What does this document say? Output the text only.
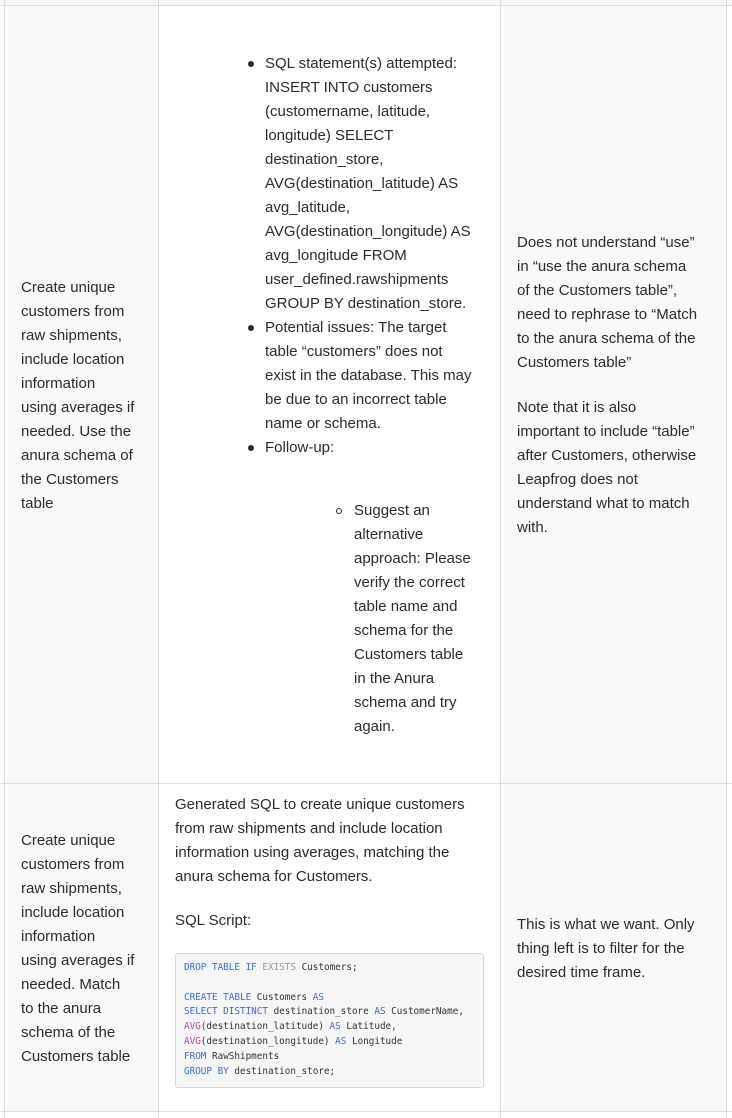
Create unique
customers from
raw shipments,
include location
information
using averages if
needed. Use the
anura schema of
the Customers
table
SQL statement(s) attempted:
INSERT INTO customers
(customername, latitude,
longitude) SELECT
destination_store,
AVG(destination_latitude) AS
avg_latitude,
AVG(destination_longitude) AS
avg_longitude FROM
user_defined.rawshipments
GROUP BY destination_store.
Potential issues: The target
table “customers” does not
exist in the database. This may
be due to an incorrect table
name or schema.
Follow-up:
Suggest an
alternative
approach: Please
verify the correct
table name and
schema for the
Customers table
in the Anura
schema and try
again.
Does not understand “use”
in “use the anura schema
of the Customers table”,
need to rephrase to “Match
to the anura schema of the
Customers table”
Note that it is also
important to include “table”
after Customers, otherwise
Leapfrog does not
understand what to match
with.
Create unique
customers from
raw shipments,
include location
information
using averages if
needed. Match
to the anura
schema of the
Customers table
Generated SQL to create unique customers
from raw shipments and include location
information using averages, matching the
anura schema for Customers.
SQL Script:
DROP TABLE IF EXISTS Customers;

CREATE TABLE Customers AS
SELECT DISTINCT destination_store AS CustomerName,
AVG(destination_latitude) AS Latitude,
AVG(destination_longitude) AS Longitude
FROM RawShipments
GROUP BY destination_store;
This is what we want. Only
thing left is to filter for the
desired time frame.
